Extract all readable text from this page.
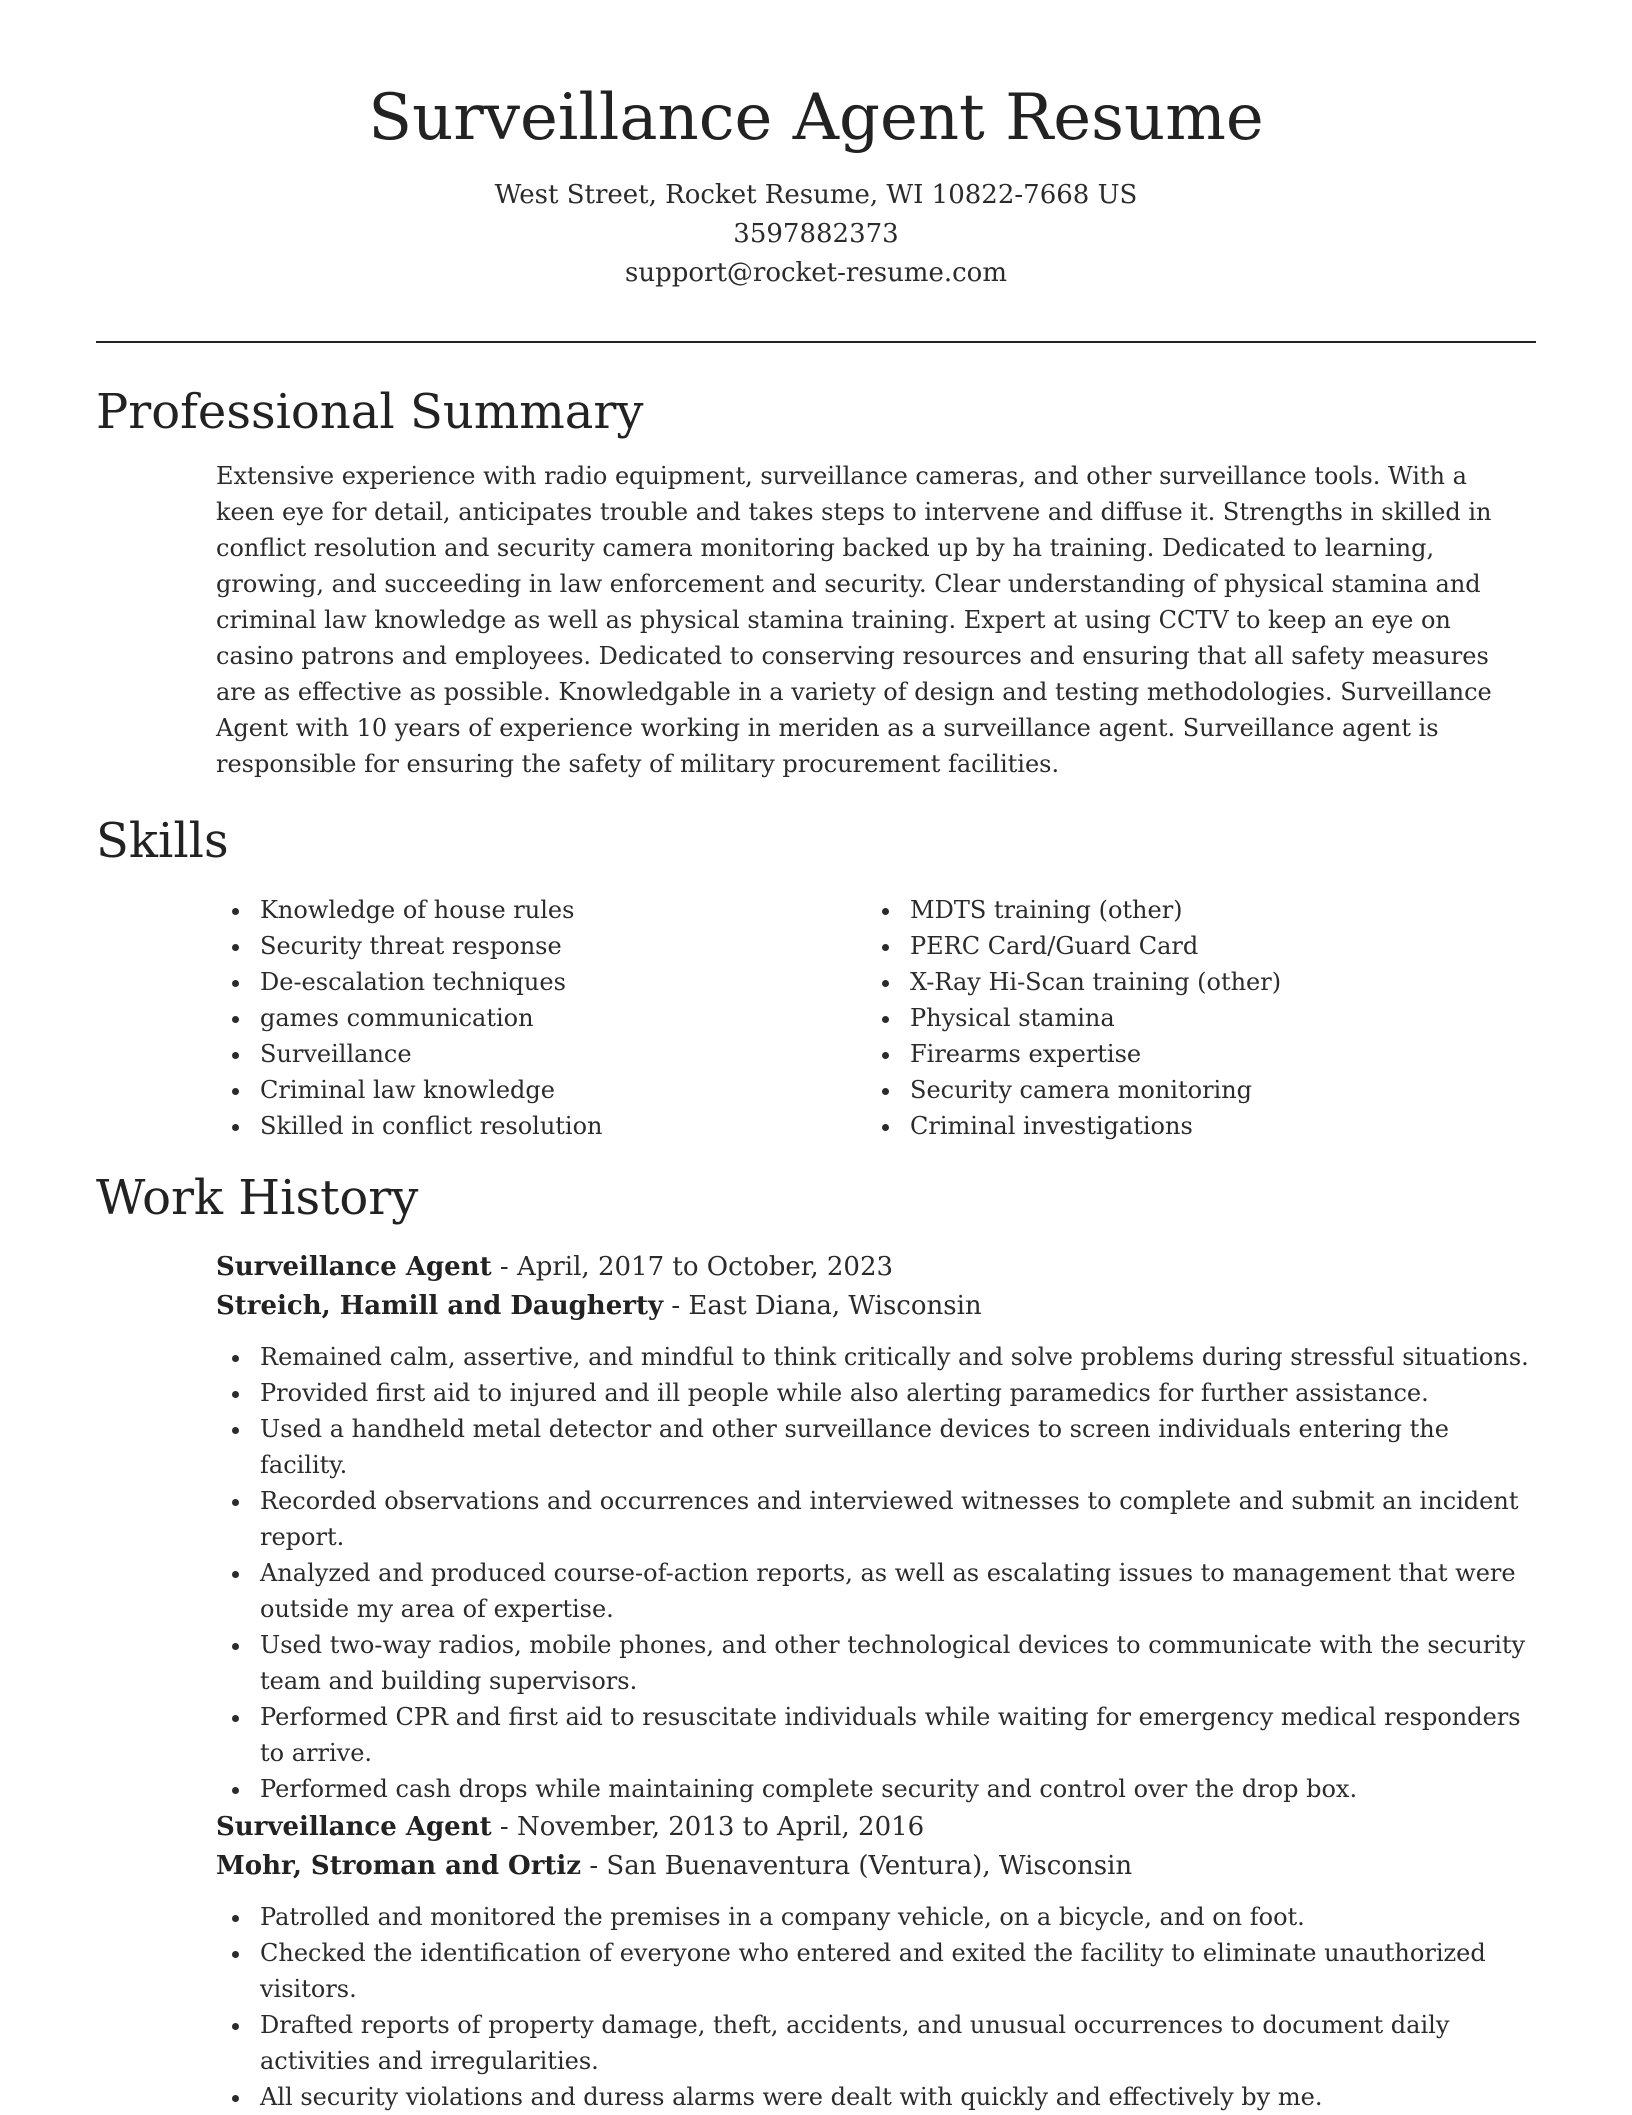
Surveillance Agent Resume
West Street, Rocket Resume, WI 10822-7668 US
3597882373
support@rocket-resume.com
Professional Summary

Extensive experience with radio equipment, surveillance cameras, and other surveillance tools. With a keen eye for detail, anticipates trouble and takes steps to intervene and diffuse it. Strengths in skilled in conflict resolution and security camera monitoring backed up by ha training. Dedicated to learning, growing, and succeeding in law enforcement and security. Clear understanding of physical stamina and criminal law knowledge as well as physical stamina training. Expert at using CCTV to keep an eye on casino patrons and employees. Dedicated to conserving resources and ensuring that all safety measures are as effective as possible. Knowledgable in a variety of design and testing methodologies. Surveillance Agent with 10 years of experience working in meriden as a surveillance agent. Surveillance agent is responsible for ensuring the safety of military procurement facilities.

Skills
Knowledge of house rules
Security threat response
De-escalation techniques
games communication
Surveillance
Criminal law knowledge
Skilled in conflict resolution
MDTS training (other)
PERC Card/Guard Card
X-Ray Hi-Scan training (other)
Physical stamina
Firearms expertise
Security camera monitoring
Criminal investigations
Work History
Surveillance Agent - April, 2017 to October, 2023
Streich, Hamill and Daugherty - East Diana, Wisconsin
Remained calm, assertive, and mindful to think critically and solve problems during stressful situations.
Provided first aid to injured and ill people while also alerting paramedics for further assistance.
Used a handheld metal detector and other surveillance devices to screen individuals entering the facility.
Recorded observations and occurrences and interviewed witnesses to complete and submit an incident report.
Analyzed and produced course-of-action reports, as well as escalating issues to management that were outside my area of expertise.
Used two-way radios, mobile phones, and other technological devices to communicate with the security team and building supervisors.
Performed CPR and first aid to resuscitate individuals while waiting for emergency medical responders to arrive.
Performed cash drops while maintaining complete security and control over the drop box.
Surveillance Agent - November, 2013 to April, 2016
Mohr, Stroman and Ortiz - San Buenaventura (Ventura), Wisconsin
Patrolled and monitored the premises in a company vehicle, on a bicycle, and on foot.
Checked the identification of everyone who entered and exited the facility to eliminate unauthorized visitors.
Drafted reports of property damage, theft, accidents, and unusual occurrences to document daily activities and irregularities.
All security violations and duress alarms were dealt with quickly and effectively by me.
